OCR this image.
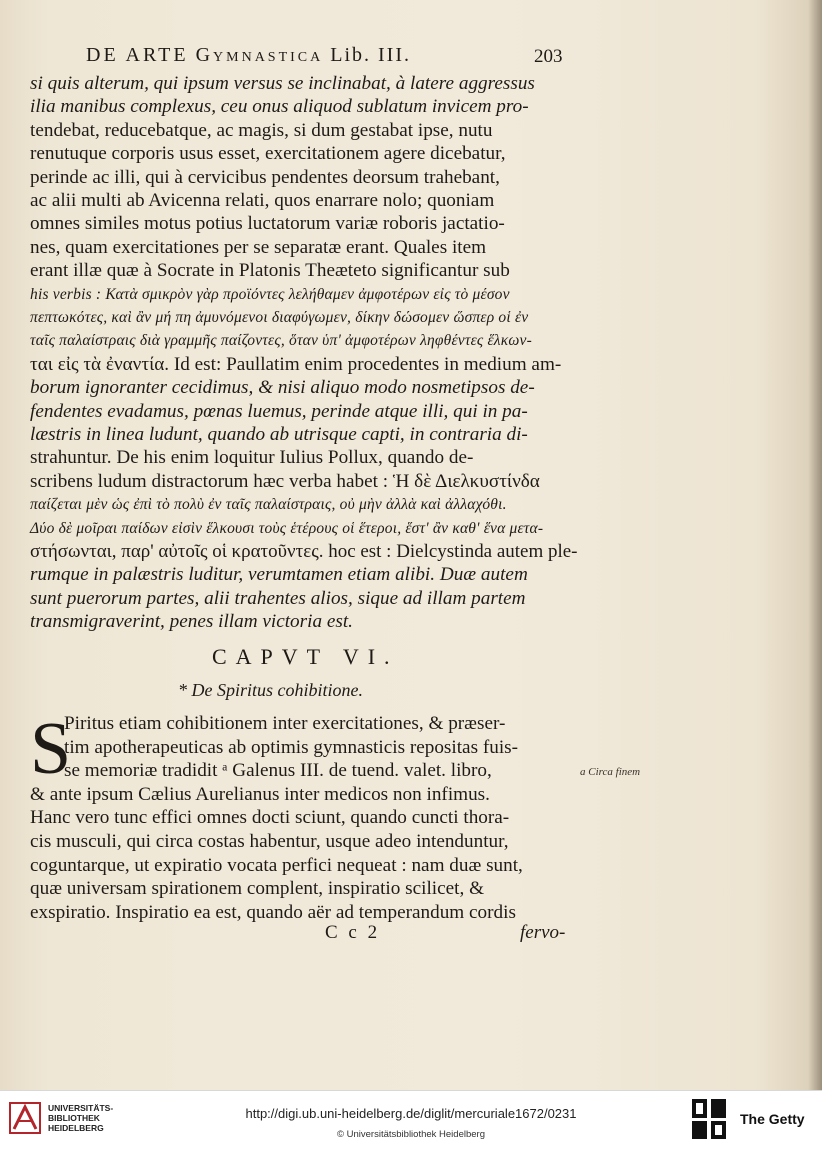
DE ARTE Gymnastica Lib. III.	203
si quis alterum, qui ipsum versus se inclinabat, à latere aggressus
ilia manibus complexus, ceu onus aliquod sublatum invicem pro-
tendebat, reducebatque, ac magis, si dum gestabat ipse, nutu
renutuque corporis usus esset, exercitationem agere dicebatur,
perinde ac illi, qui à cervicibus pendentes deorsum trahebant,
ac alii multi ab Avicenna relati, quos enarrare nolo; quoniam
omnes similes motus potius luctatorum variæ roboris jactatio-
nes, quam exercitationes per se separatæ erant. Quales item
erant illæ quæ à Socrate in Platonis Theæteto significantur sub
his verbis : Κατὰ σμικρὸν γὰρ προϊόντες λελήθαμεν ἀμφοτέρων εἰς τὸ μέσον
πεπτωκότες, καὶ ἂν μή πη ἀμυνόμενοι διαφύγωμεν, δίκην δώσομεν ὥσπερ οἱ ἐν
ταῖς παλαίστραις διὰ γραμμῆς παίζοντες, ὅταν ὑπ' ἀμφοτέρων ληφθέντες ἕλκων-
ται εἰς τὰ ἐναντία. Id est: Paullatim enim procedentes in medium am-
borum ignoranter cecidimus, & nisi aliquo modo nosmetipsos de-
fendentes evadamus, pœnas luemus, perinde atque illi, qui in pa-
læstris in linea ludunt, quando ab utrisque capti, in contraria di-
strahuntur. De his enim loquitur Iulius Pollux, quando de-
scribens ludum distractorum hæc verba habet : Ἡ δὲ Διελκυστίνδα
παίζεται μὲν ὡς ἐπὶ τὸ πολὺ ἐν ταῖς παλαίστραις, οὐ μὴν ἀλλὰ καὶ ἀλλαχόθι.
Δύο δὲ μοῖραι παίδων εἰσὶν ἕλκουσι τοὺς ἑτέρους οἱ ἕτεροι, ἕστ' ἂν καθ' ἕνα μετα-
στήσωνται, παρ' αὐτοῖς οἱ κρατοῦντες. hoc est : Dielcystinda autem ple-
rumque in palæstris luditur, verumtamen etiam alibi. Duæ autem
sunt puerorum partes, alii trahentes alios, sique ad illam partem
transmigraverint, penes illam victoria est.
CAPVT VI.
* De Spiritus cohibitione.
S
Piritus etiam cohibitionem inter exercitationes, & præser-
tim apotherapeuticas ab optimis gymnasticis repositas fuis-
se memoriæ tradidit ᵃ Galenus III. de tuend. valet. libro,
& ante ipsum Cælius Aurelianus inter medicos non infimus.
Hanc vero tunc effici omnes docti sciunt, quando cuncti thora-
cis musculi, qui circa costas habentur, usque adeo intenduntur,
coguntarque, ut expiratio vocata perfici nequeat : nam duæ sunt,
quæ universam spirationem complent, inspiratio scilicet, &
exspiratio. Inspiratio ea est, quando aër ad temperandum cordis
a Circa finem
C c 2	fervo-
UNIVERSITÄTS-
BIBLIOTHEK
HEIDELBERG
http://digi.ub.uni-heidelberg.de/diglit/mercuriale1672/0231
© Universitätsbibliothek Heidelberg
The Getty
